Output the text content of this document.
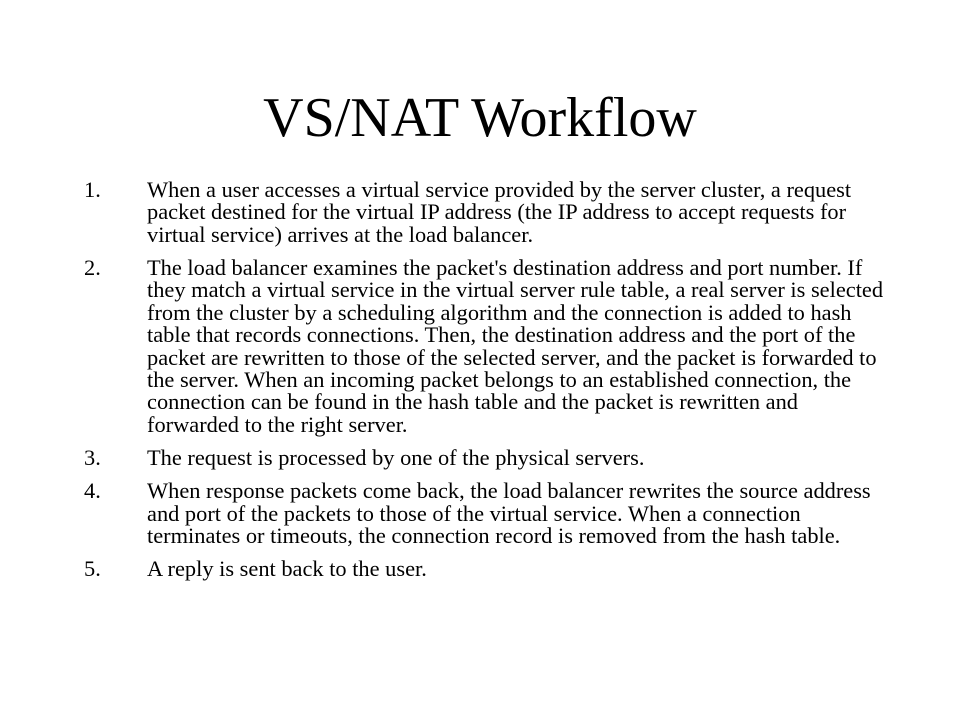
VS/NAT Workflow
1. When a user accesses a virtual service provided by the server cluster, a request packet destined for the virtual IP address (the IP address to accept requests for virtual service) arrives at the load balancer.
2. The load balancer examines the packet's destination address and port number. If they match a virtual service in the virtual server rule table, a real server is selected from the cluster by a scheduling algorithm and the connection is added to hash table that records connections. Then, the destination address and the port of the packet are rewritten to those of the selected server, and the packet is forwarded to the server. When an incoming packet belongs to an established connection, the connection can be found in the hash table and the packet is rewritten and forwarded to the right server.
3. The request is processed by one of the physical servers.
4. When response packets come back, the load balancer rewrites the source address and port of the packets to those of the virtual service. When a connection terminates or timeouts, the connection record is removed from the hash table.
5. A reply is sent back to the user.
